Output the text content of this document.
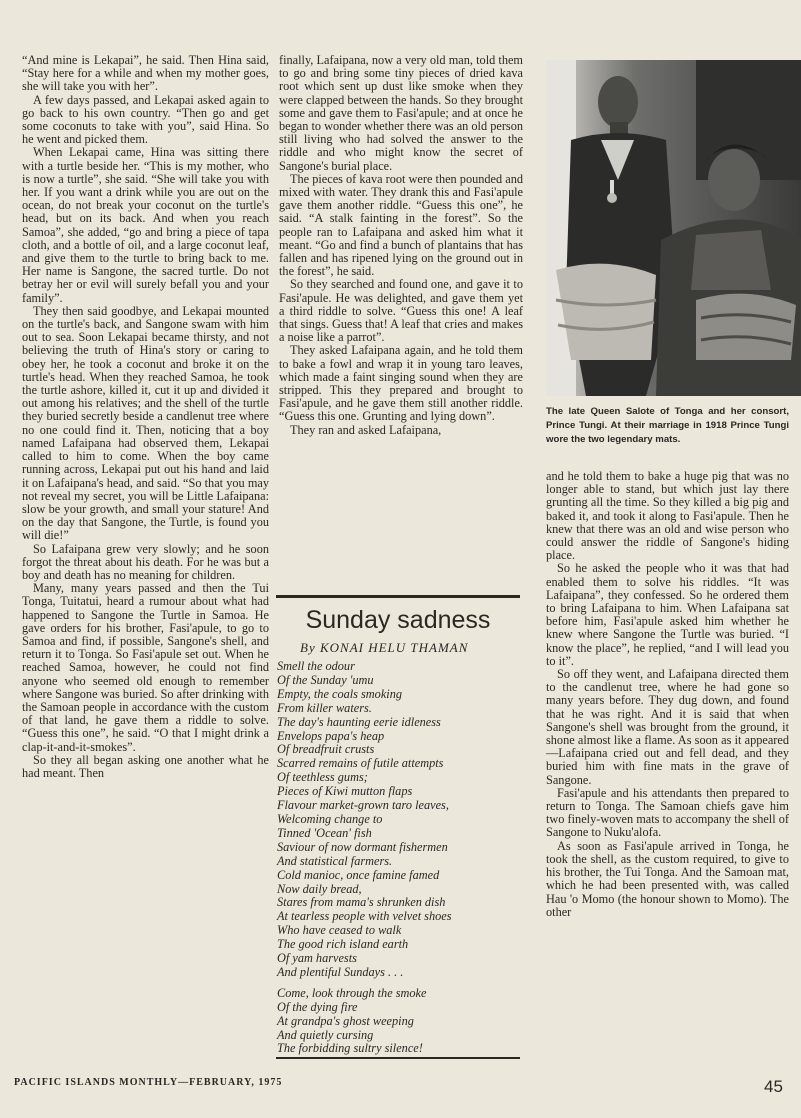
“And mine is Lekapai”, he said. Then Hina said, “Stay here for a while and when my mother goes, she will take you with her”.

A few days passed, and Lekapai asked again to go back to his own country. “Then go and get some coconuts to take with you”, said Hina. So he went and picked them.

When Lekapai came, Hina was sitting there with a turtle beside her. “This is my mother, who is now a turtle”, she said. “She will take you with her. If you want a drink while you are out on the ocean, do not break your coconut on the turtle's head, but on its back. And when you reach Samoa”, she added, “go and bring a piece of tapa cloth, and a bottle of oil, and a large coconut leaf, and give them to the turtle to bring back to me. Her name is Sangone, the sacred turtle. Do not betray her or evil will surely befall you and your family”.

They then said goodbye, and Lekapai mounted on the turtle's back, and Sangone swam with him out to sea. Soon Lekapai became thirsty, and not believing the truth of Hina's story or caring to obey her, he took a coconut and broke it on the turtle's head. When they reached Samoa, he took the turtle ashore, killed it, cut it up and divided it out among his relatives; and the shell of the turtle they buried secretly beside a candlenut tree where no one could find it. Then, noticing that a boy named Lafaipana had observed them, Lekapai called to him to come. When the boy came running across, Lekapai put out his hand and laid it on Lafaipana's head, and said. “So that you may not reveal my secret, you will be Little Lafaipana: slow be your growth, and small your stature! And on the day that Sangone, the Turtle, is found you will die!”

So Lafaipana grew very slowly; and he soon forgot the threat about his death. For he was but a boy and death has no meaning for children.

Many, many years passed and then the Tui Tonga, Tuitatui, heard a rumour about what had happened to Sangone the Turtle in Samoa. He gave orders for his brother, Fasi'apule, to go to Samoa and find, if possible, Sangone's shell, and return it to Tonga. So Fasi'apule set out. When he reached Samoa, however, he could not find anyone who seemed old enough to remember where Sangone was buried. So after drinking with the Samoan people in accordance with the custom of that land, he gave them a riddle to solve. “Guess this one”, he said. “O that I might drink a clap-it-and-it-smokes”.

So they all began asking one another what he had meant. Then

finally, Lafaipana, now a very old man, told them to go and bring some tiny pieces of dried kava root which sent up dust like smoke when they were clapped between the hands. So they brought some and gave them to Fasi'apule; and at once he began to wonder whether there was an old person still living who had solved the answer to the riddle and who might know the secret of Sangone's burial place.

The pieces of kava root were then pounded and mixed with water. They drank this and Fasi'apule gave them another riddle. “Guess this one”, he said. “A stalk fainting in the forest”. So the people ran to Lafaipana and asked him what it meant. “Go and find a bunch of plantains that has fallen and has ripened lying on the ground out in the forest”, he said.

So they searched and found one, and gave it to Fasi'apule. He was delighted, and gave them yet a third riddle to solve. “Guess this one! A leaf that sings. Guess that! A leaf that cries and makes a noise like a parrot”.

They asked Lafaipana again, and he told them to bake a fowl and wrap it in young taro leaves, which made a faint singing sound when they are stripped. This they prepared and brought to Fasi'apule, and he gave them still another riddle. “Guess this one. Grunting and lying down”.

They ran and asked Lafaipana,

The late Queen Salote of Tonga and her consort, Prince Tungi. At their marriage in 1918 Prince Tungi wore the two legendary mats.
Sunday sadness
By KONAI HELU THAMAN
Smell the odour
Of the Sunday 'umu
Empty, the coals smoking
From killer waters.
The day's haunting eerie idleness
Envelops papa's heap
Of breadfruit crusts
Scarred remains of futile attempts
Of teethless gums;
Pieces of Kiwi mutton flaps
Flavour market-grown taro leaves,
Welcoming change to
Tinned 'Ocean' fish
Saviour of now dormant fishermen
And statistical farmers.
Cold manioc, once famine famed
Now daily bread,
Stares from mama's shrunken dish
At tearless people with velvet shoes
Who have ceased to walk
The good rich island earth
Of yam harvests
And plentiful Sundays . . .
Come, look through the smoke
Of the dying fire
At grandpa's ghost weeping
And quietly cursing
The forbidding sultry silence!

and he told them to bake a huge pig that was no longer able to stand, but which just lay there grunting all the time. So they killed a big pig and baked it, and took it along to Fasi'apule. Then he knew that there was an old and wise person who could answer the riddle of Sangone's hiding place.

So he asked the people who it was that had enabled them to solve his riddles. “It was Lafaipana”, they confessed. So he ordered them to bring Lafaipana to him. When Lafaipana sat before him, Fasi'apule asked him whether he knew where Sangone the Turtle was buried. “I know the place”, he replied, “and I will lead you to it”.

So off they went, and Lafaipana directed them to the candlenut tree, where he had gone so many years before. They dug down, and found that he was right. And it is said that when Sangone's shell was brought from the ground, it shone almost like a flame. As soon as it appeared —Lafaipana cried out and fell dead, and they buried him with fine mats in the grave of Sangone.

Fasi'apule and his attendants then prepared to return to Tonga. The Samoan chiefs gave him two finely-woven mats to accompany the shell of Sangone to Nuku'alofa.

As soon as Fasi'apule arrived in Tonga, he took the shell, as the custom required, to give to his brother, the Tui Tonga. And the Samoan mat, which he had been presented with, was called Hau 'o Momo (the honour shown to Momo). The other

PACIFIC ISLANDS MONTHLY—FEBRUARY, 1975	45
